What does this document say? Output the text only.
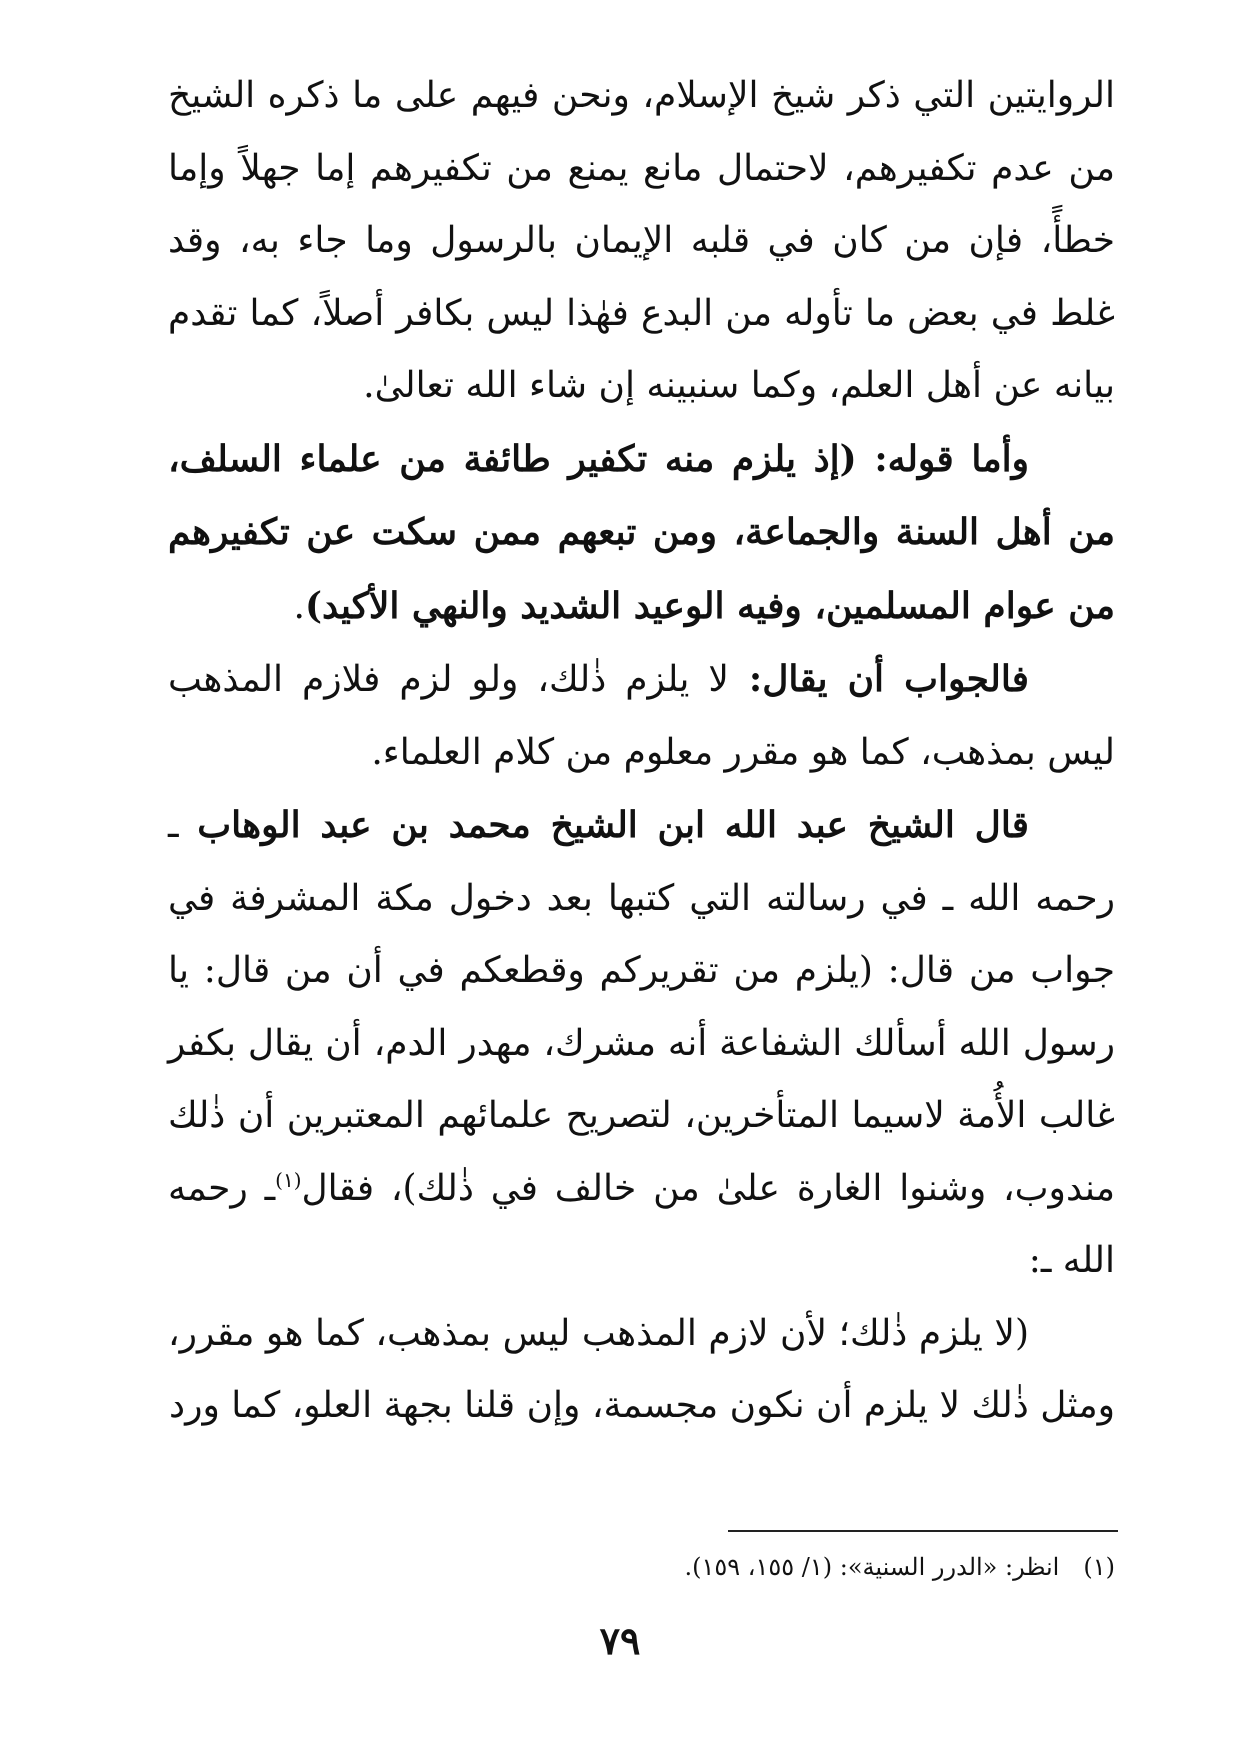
الروايتين التي ذكر شيخ الإسلام، ونحن فيهم على ما ذكره الشيخ من عدم تكفيرهم، لاحتمال مانع يمنع من تكفيرهم إما جهلاً وإما خطأً، فإن من كان في قلبه الإيمان بالرسول وما جاء به، وقد غلط في بعض ما تأوله من البدع فهٰذا ليس بكافر أصلاً، كما تقدم بيانه عن أهل العلم، وكما سنبينه إن شاء الله تعالىٰ.

وأما قوله: (إذ يلزم منه تكفير طائفة من علماء السلف، من أهل السنة والجماعة، ومن تبعهم ممن سكت عن تكفيرهم من عوام المسلمين، وفيه الوعيد الشديد والنهي الأكيد).

فالجواب أن يقال: لا يلزم ذٰلك، ولو لزم فلازم المذهب ليس بمذهب، كما هو مقرر معلوم من كلام العلماء.

قال الشيخ عبد الله ابن الشيخ محمد بن عبد الوهاب ـ رحمه الله ـ في رسالته التي كتبها بعد دخول مكة المشرفة في جواب من قال: (يلزم من تقريركم وقطعكم في أن من قال: يا رسول الله أسألك الشفاعة أنه مشرك، مهدر الدم، أن يقال بكفر غالب الأُمة لاسيما المتأخرين، لتصريح علمائهم المعتبرين أن ذٰلك مندوب، وشنوا الغارة علىٰ من خالف في ذٰلك)، فقال$^{(١)}$ـ رحمه الله ـ:

(لا يلزم ذٰلك؛ لأن لازم المذهب ليس بمذهب، كما هو مقرر، ومثل ذٰلك لا يلزم أن نكون مجسمة، وإن قلنا بجهة العلو، كما ورد

(١)انظر: «الدرر السنية»: (١/ ١٥٥، ١٥٩).
٧٩
